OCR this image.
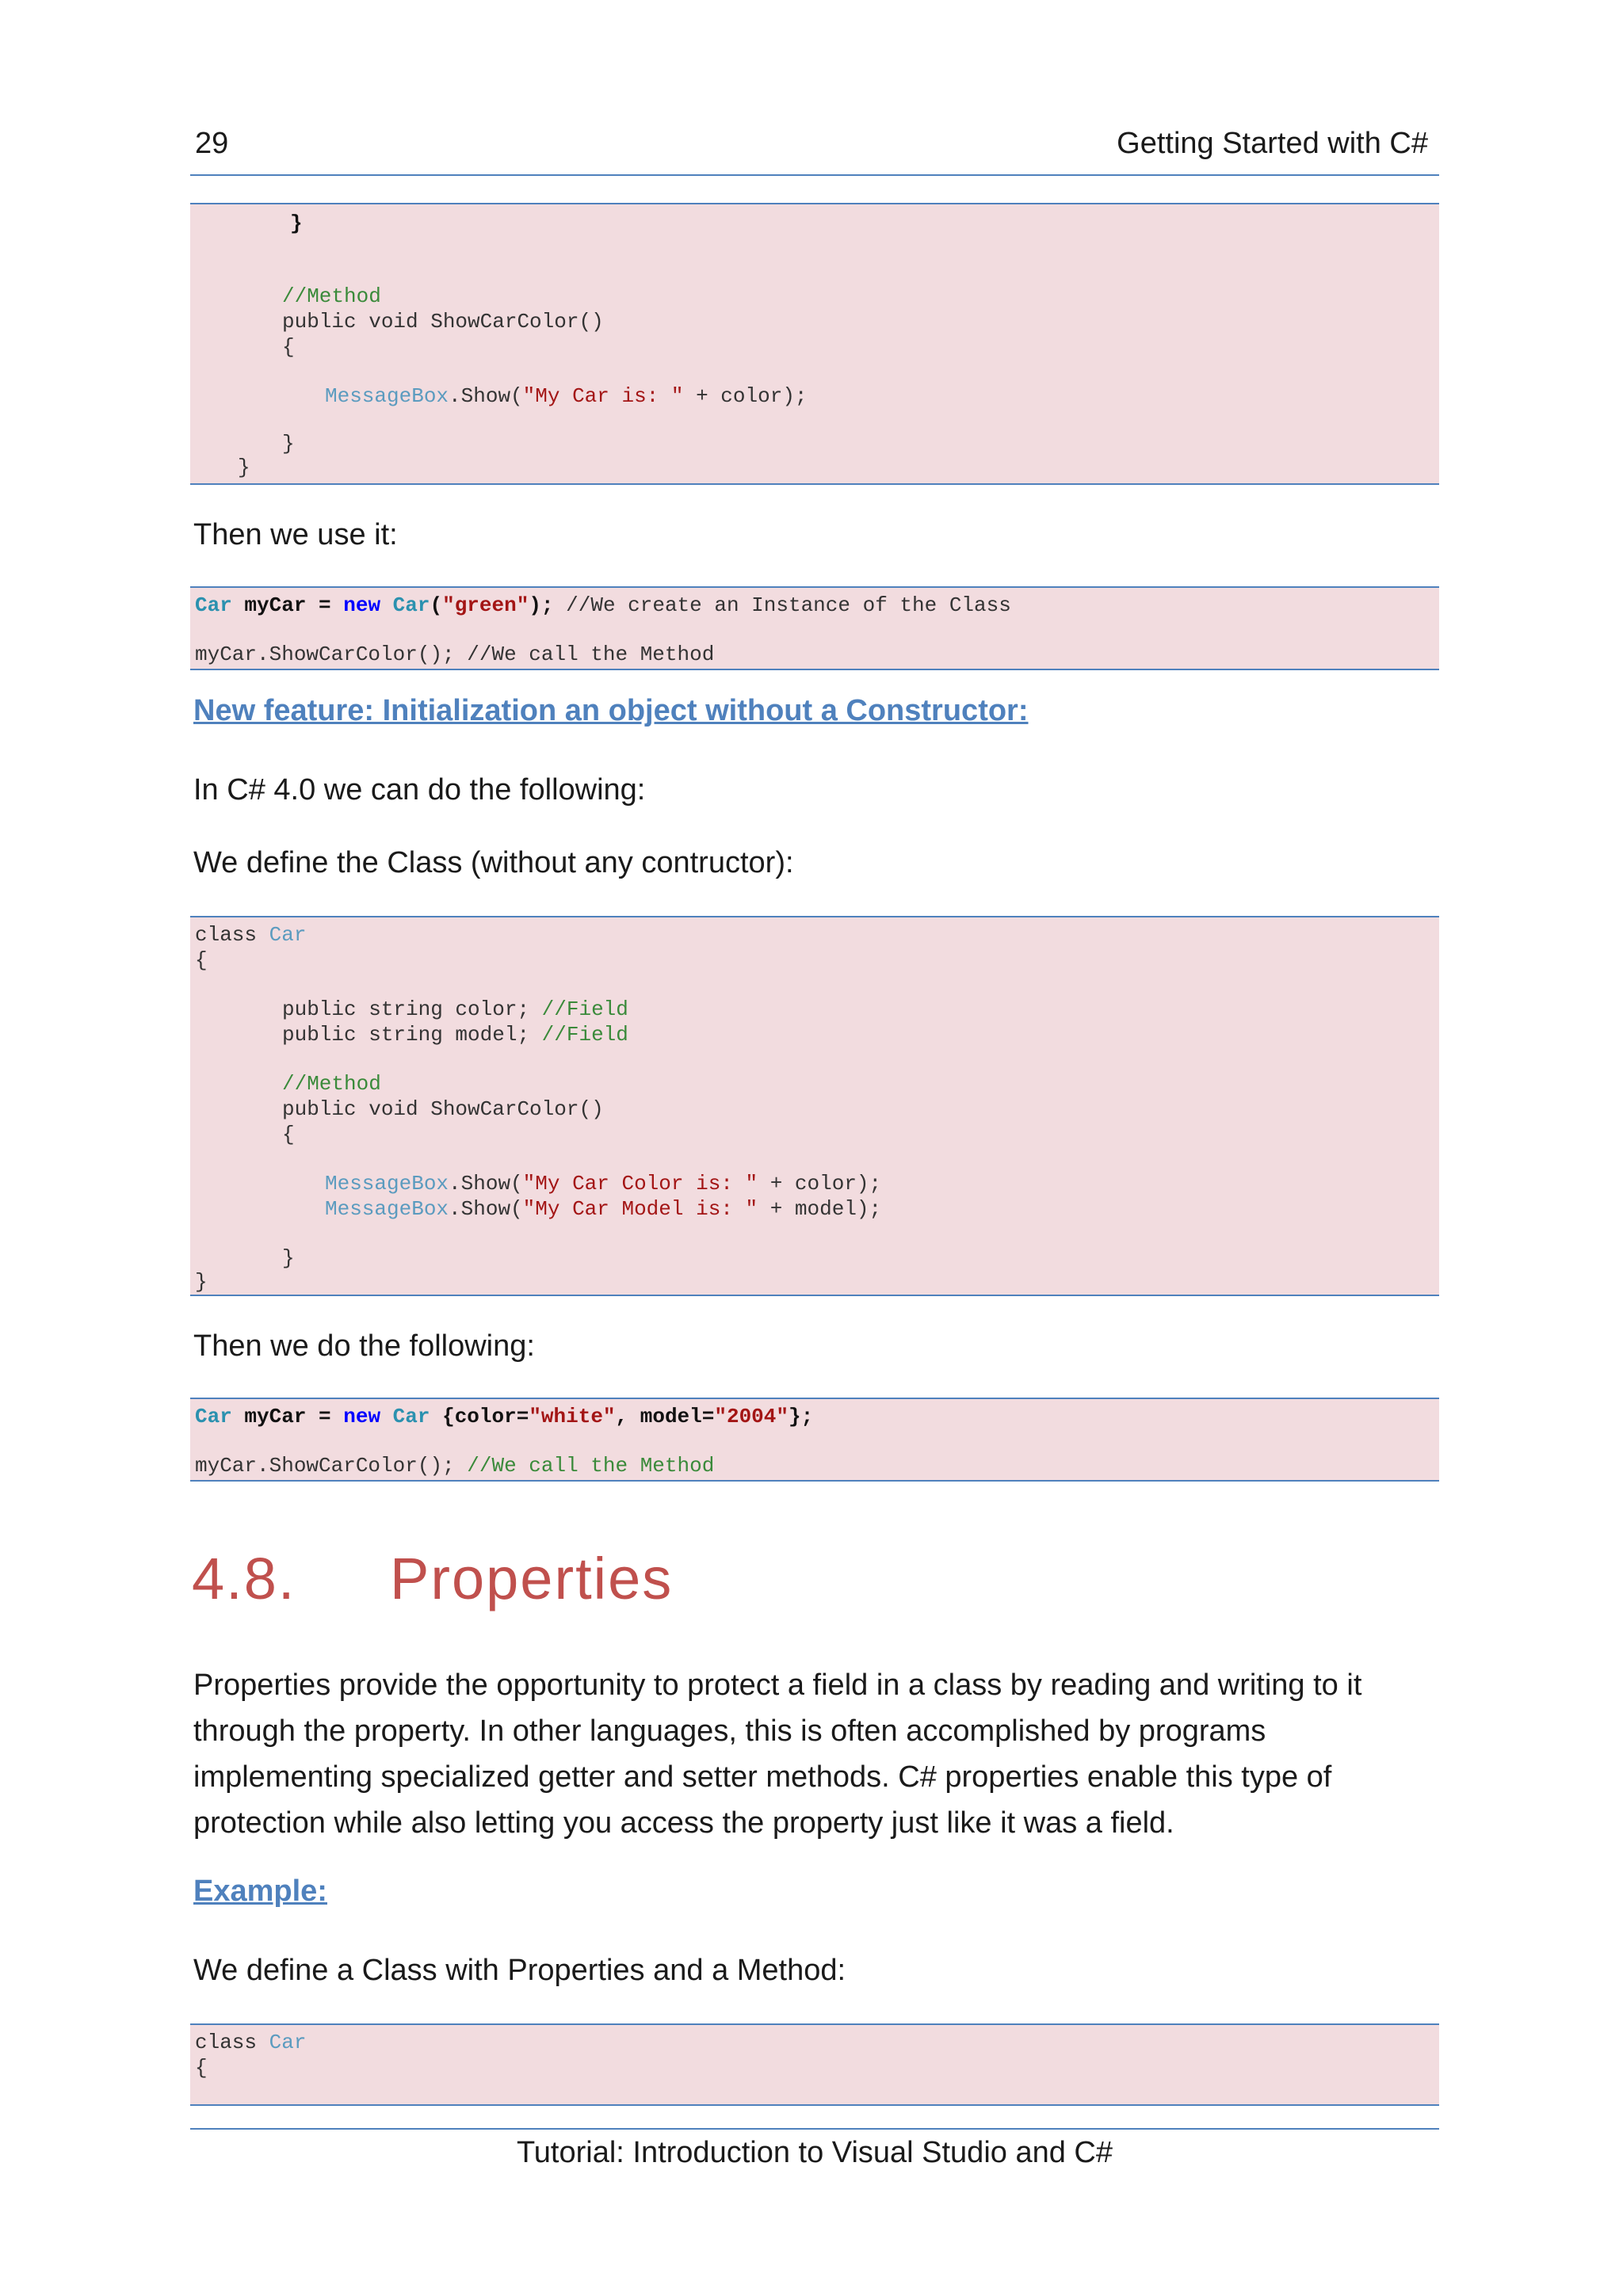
29	Getting Started with C#

}

//Method

public void ShowCarColor()

{

MessageBox.Show("My Car is: " + color);

}

}

Then we use it:

Car myCar = new Car("green"); //We create an Instance of the Class

myCar.ShowCarColor(); //We call the Method

New feature: Initialization an object without a Constructor:
In C# 4.0 we can do the following:
We define the Class (without any contructor):

class Car

{

public string color; //Field

public string model; //Field

//Method

public void ShowCarColor()

{

MessageBox.Show("My Car Color is: " + color);

MessageBox.Show("My Car Model is: " + model);

}

}

Then we do the following:

Car myCar = new Car {color="white", model="2004"};

myCar.ShowCarColor(); //We call the Method

4.8. Properties
Properties provide the opportunity to protect a field in a class by reading and writing to it through the property. In other languages, this is often accomplished by programs implementing specialized getter and setter methods. C# properties enable this type of protection while also letting you access the property just like it was a field.
Example:
We define a Class with Properties and a Method:

class Car

{

Tutorial: Introduction to Visual Studio and C#
